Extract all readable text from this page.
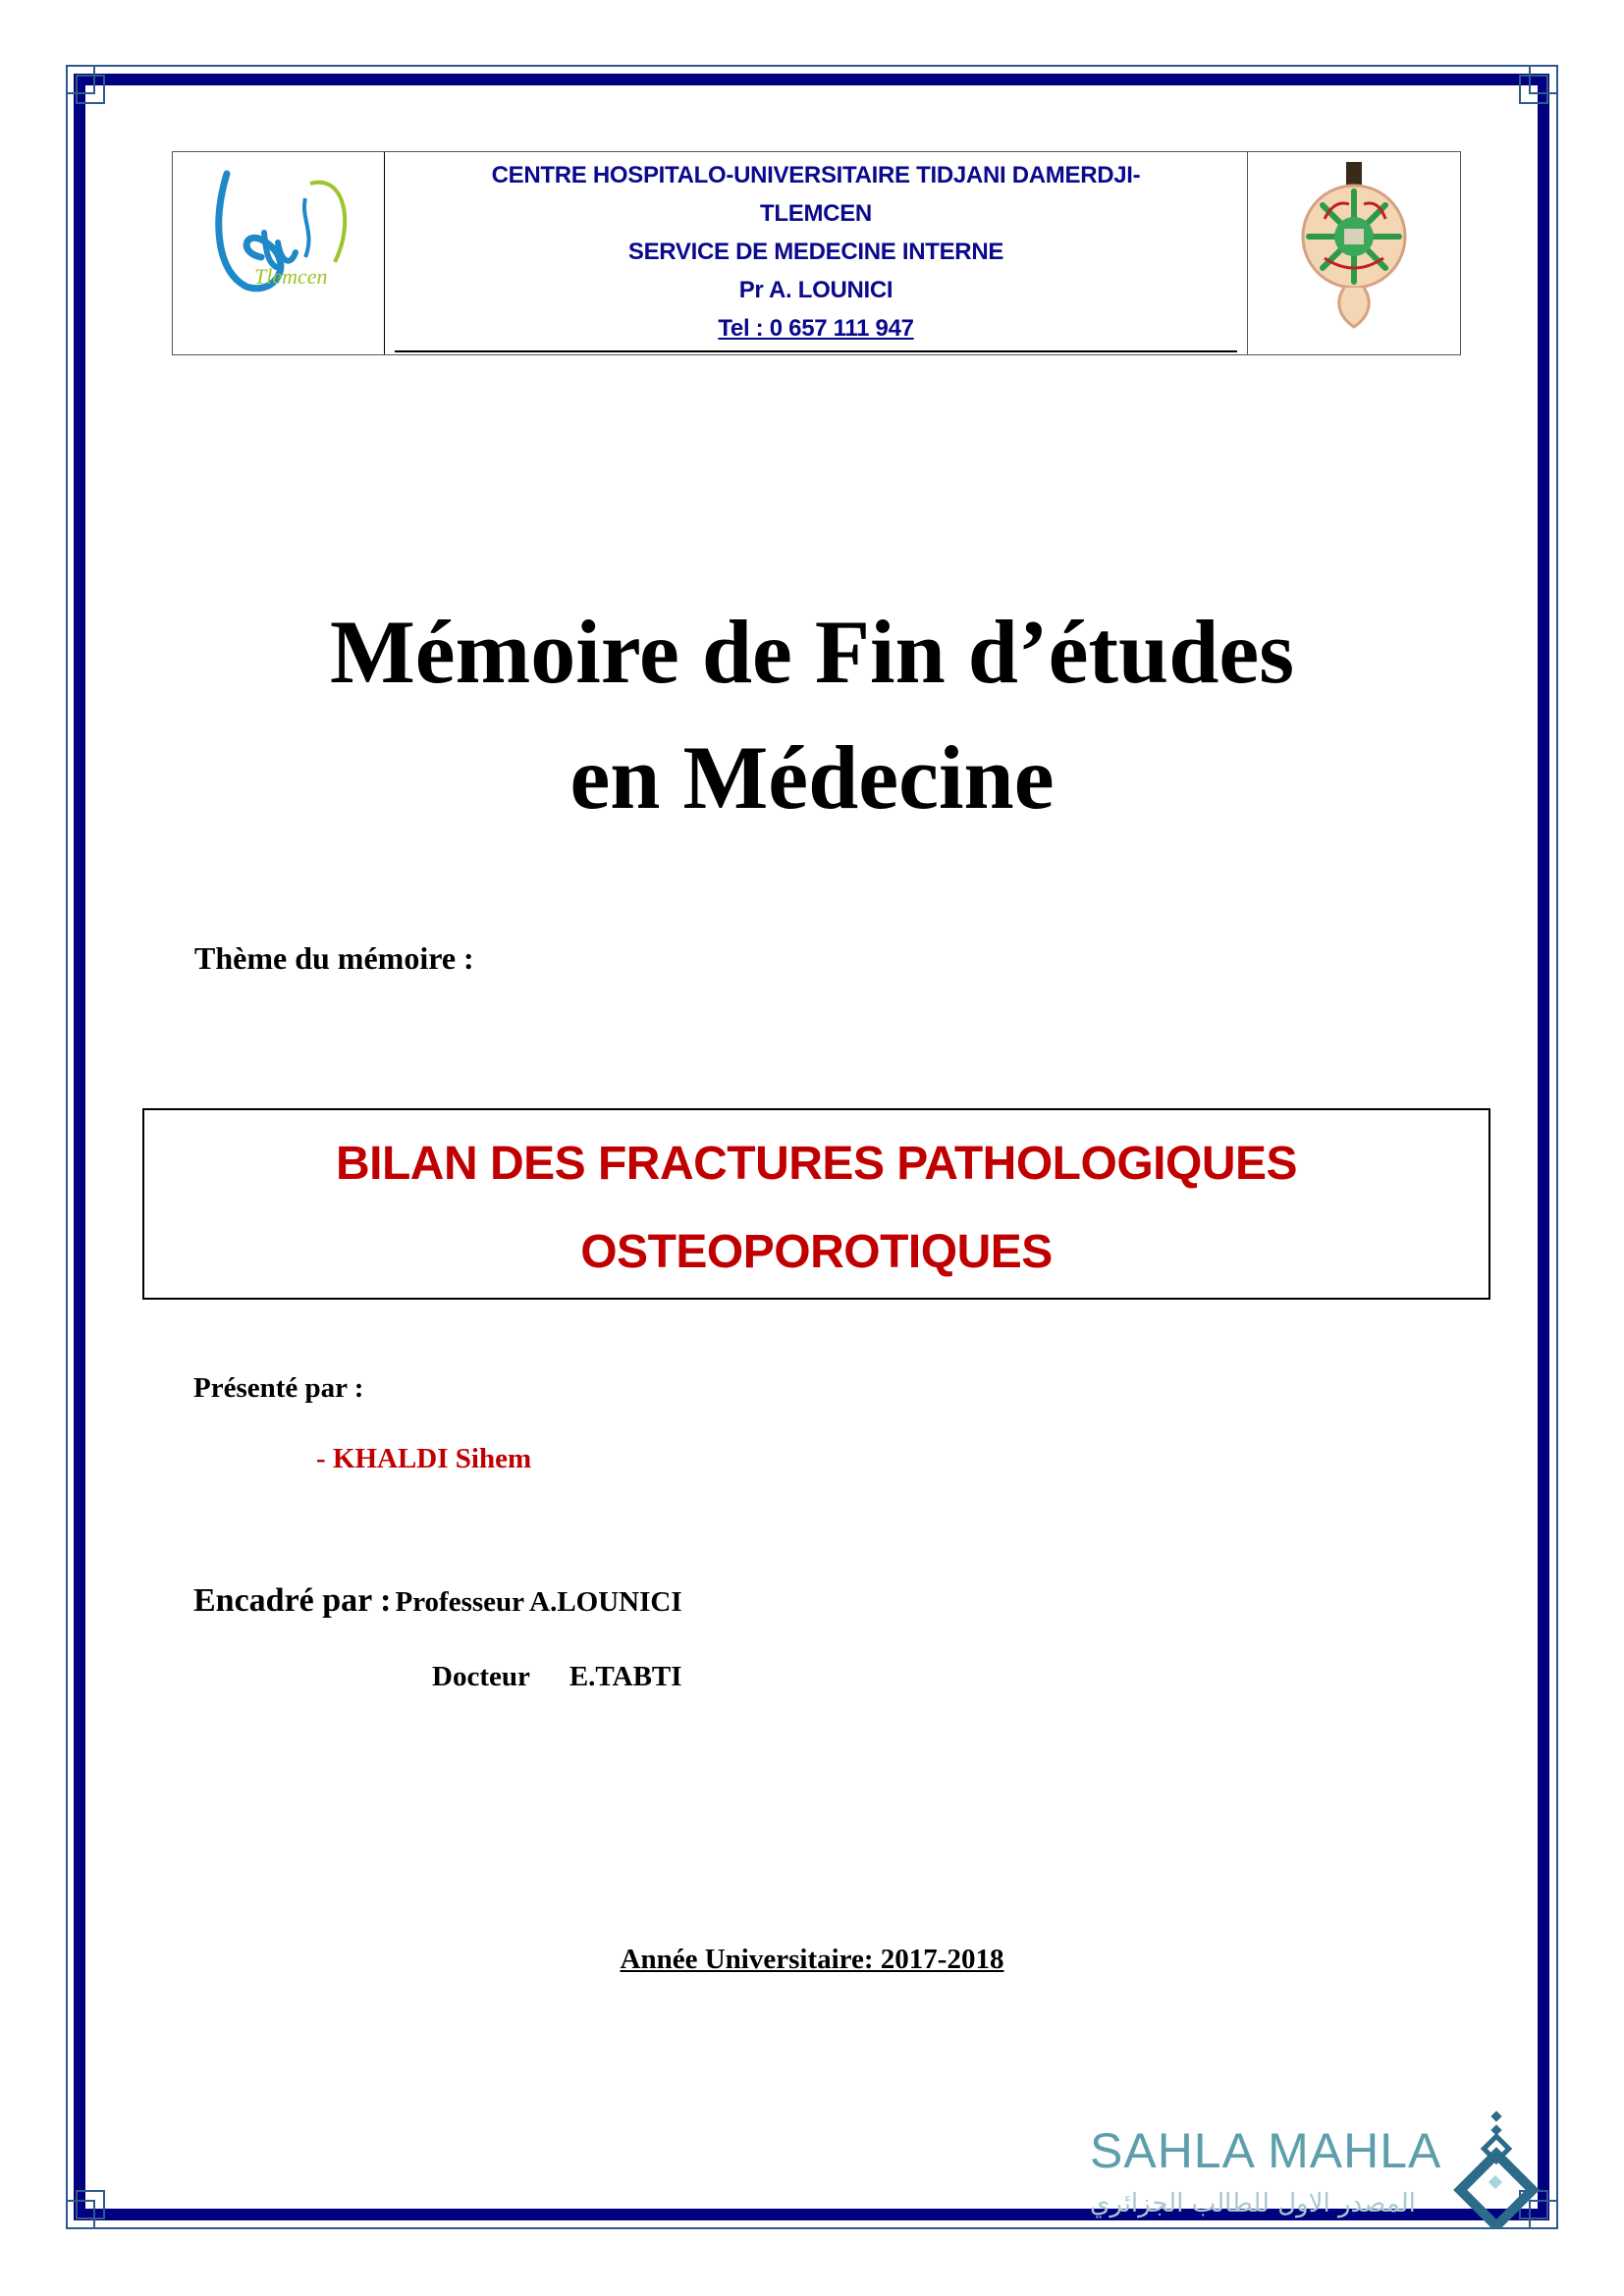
Tlemcen
CENTRE HOSPITALO-UNIVERSITAIRE TIDJANI DAMERDJI-
TLEMCEN
SERVICE DE MEDECINE INTERNE
Pr A. LOUNICI
Tel : 0 657 111 947
Mémoire de Fin d’études
en Médecine
Thème du mémoire :
BILAN DES FRACTURES PATHOLOGIQUES
OSTEOPOROTIQUES
Présenté par :
- KHALDI Sihem
Encadré par : Professeur A.LOUNICI
Docteur E.TABTI
Année Universitaire: 2017-2018
SAHLA MAHLA
المصدر الاول للطالب الجزائري
